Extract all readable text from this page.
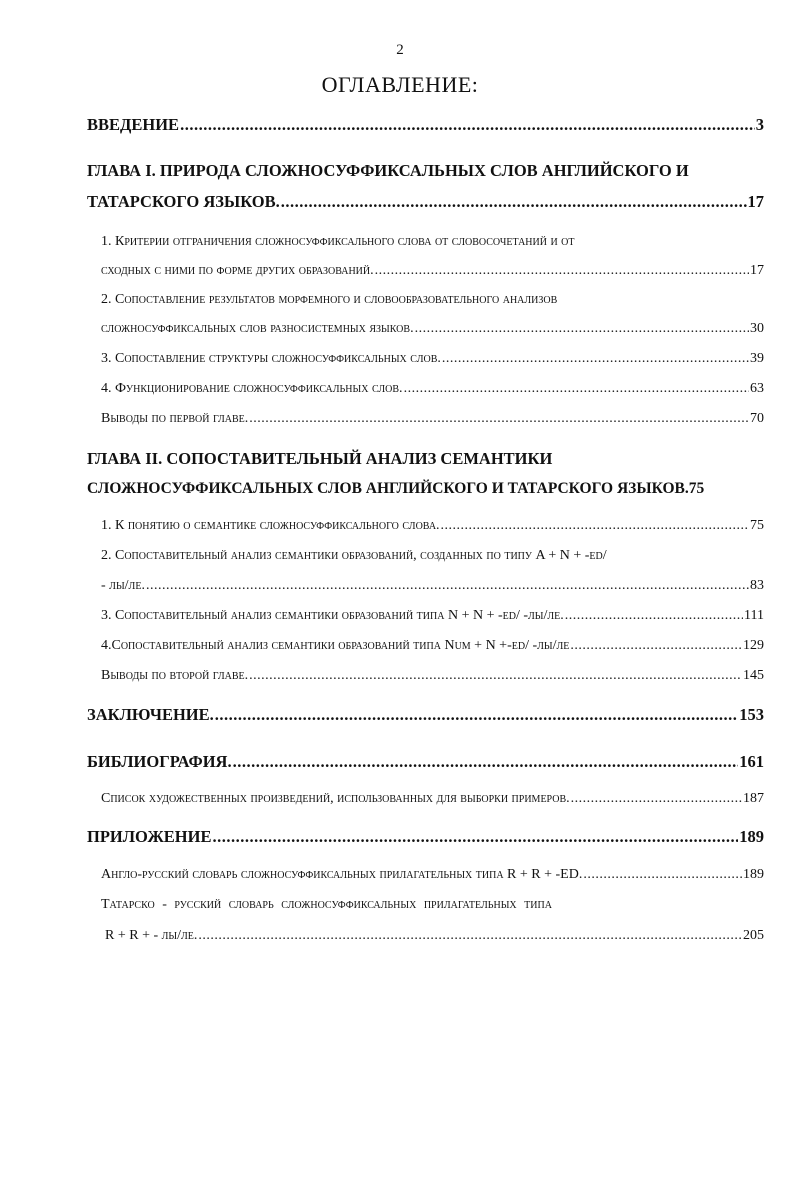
2
ОГЛАВЛЕНИЕ:
ВВЕДЕНИЕ .....	3
ГЛАВА I. ПРИРОДА СЛОЖНОСУФФИКСАЛЬНЫХ СЛОВ АНГЛИЙСКОГО И
ТАТАРСКОГО ЯЗЫКОВ. .....	17
1. Критерии отграничения сложносуффиксального слова от словосочетаний и от
сходных с ними по форме других образований. .....	17
2. Сопоставление результатов морфемного и словообразовательного анализов
сложносуффиксальных слов разносистемных языков. .....	30
3. Сопоставление структуры сложносуффиксальных слов. .....	39
4. Функционирование сложносуффиксальных слов. .....	63
Выводы по первой главе. .....	70
ГЛАВА II. СОПОСТАВИТЕЛЬНЫЙ АНАЛИЗ СЕМАНТИКИ
СЛОЖНОСУФФИКСАЛЬНЫХ СЛОВ АНГЛИЙСКОГО И ТАТАРСКОГО ЯЗЫКОВ. 75
1. К понятию о семантике сложносуффиксального слова. .....	75
2. Сопоставительный анализ семантики образований, созданных по типу A + N + -ed/
- лы/ле. .....	83
3. Сопоставительный анализ семантики образований типа N + N + -ed/ -лы/ле. .....	111
4.Сопоставительный анализ семантики образований типа Num + N +-ed/ -лы/ле .....	129
Выводы по второй главе. .....	145
ЗАКЛЮЧЕНИЕ. .....	153
БИБЛИОГРАФИЯ. .....	161
Список художественных произведений, использованных для выборки примеров. .....	187
ПРИЛОЖЕНИЕ .....	189
Англо-русский словарь сложносуффиксальных прилагательных типа R + R + -ED. .....	189
Татарско - русский словарь сложносуффиксальных прилагательных типа
R + R + - лы/ле. .....	205
